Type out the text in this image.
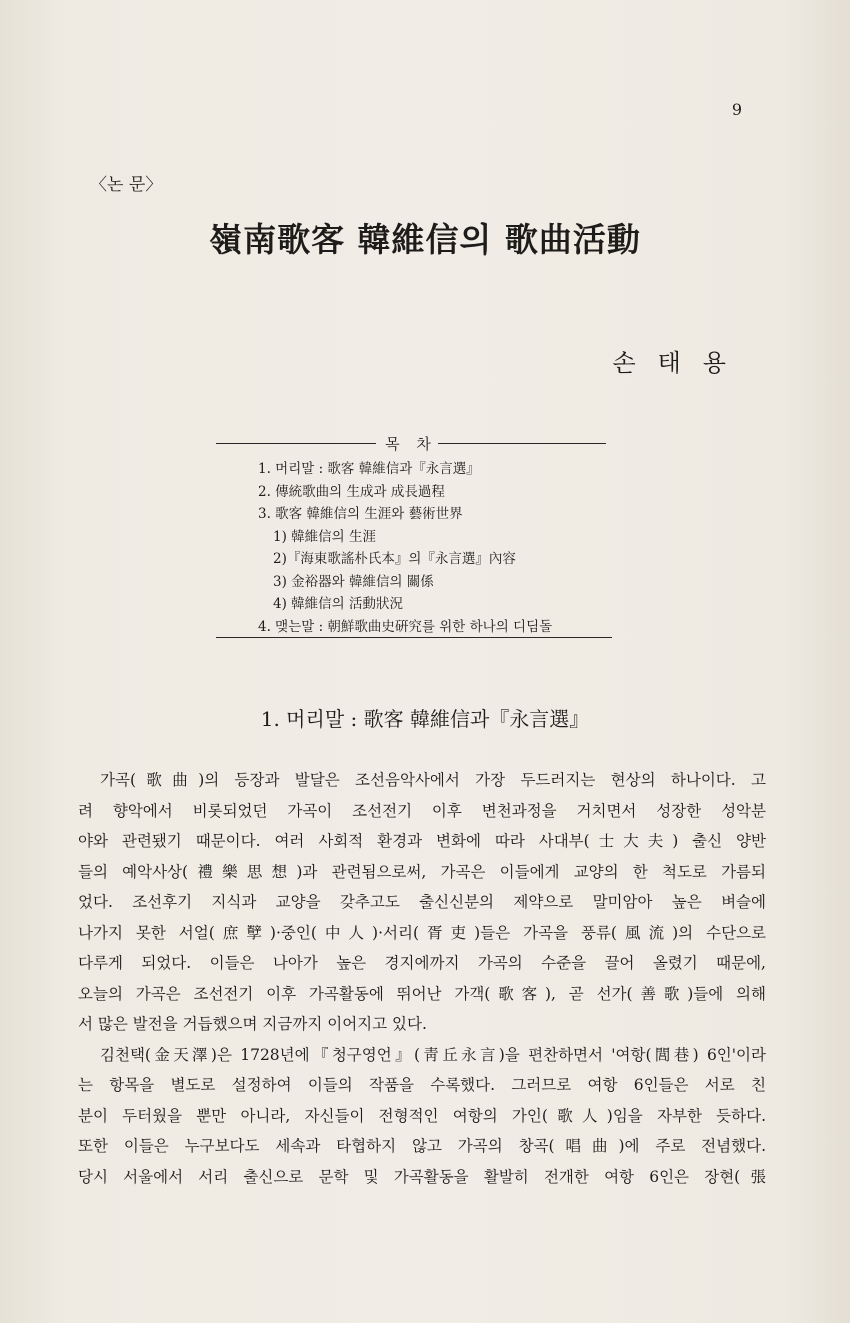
9
〈논 문〉
嶺南歌客 韓維信의 歌曲活動
손태용
목 차
1. 머리말 : 歌客 韓維信과『永言選』
2. 傳統歌曲의 生成과 成長過程
3. 歌客 韓維信의 生涯와 藝術世界
1) 韓維信의 生涯
2)『海東歌謠朴氏本』의『永言選』內容
3) 金裕器와 韓維信의 關係
4) 韓維信의 活動狀況
4. 맺는말 : 朝鮮歌曲史硏究를 위한 하나의 디딤돌
1. 머리말 : 歌客 韓維信과『永言選』
가곡(歌曲)의 등장과 발달은 조선음악사에서 가장 두드러지는 현상의 하나이다. 고
려 향악에서 비롯되었던 가곡이 조선전기 이후 변천과정을 거치면서 성장한 성악분
야와 관련됐기 때문이다. 여러 사회적 환경과 변화에 따라 사대부(士大夫) 출신 양반
들의 예악사상(禮樂思想)과 관련됨으로써, 가곡은 이들에게 교양의 한 척도로 가름되
었다. 조선후기 지식과 교양을 갖추고도 출신신분의 제약으로 말미암아 높은 벼슬에
나가지 못한 서얼(庶孼)·중인(中人)·서리(胥吏)들은 가곡을 풍류(風流)의 수단으로
다루게 되었다. 이들은 나아가 높은 경지에까지 가곡의 수준을 끌어 올렸기 때문에,
오늘의 가곡은 조선전기 이후 가곡활동에 뛰어난 가객(歌客), 곧 선가(善歌)들에 의해
서 많은 발전을 거듭했으며 지금까지 이어지고 있다.
김천택(金天澤)은 1728년에『청구영언』(靑丘永言)을 편찬하면서 '여항(閭巷) 6인'이라
는 항목을 별도로 설정하여 이들의 작품을 수록했다. 그러므로 여항 6인들은 서로 친
분이 두터웠을 뿐만 아니라, 자신들이 전형적인 여항의 가인(歌人)임을 자부한 듯하다.
또한 이들은 누구보다도 세속과 타협하지 않고 가곡의 창곡(唱曲)에 주로 전념했다.
당시 서울에서 서리 출신으로 문학 및 가곡활동을 활발히 전개한 여항 6인은 장현(張
